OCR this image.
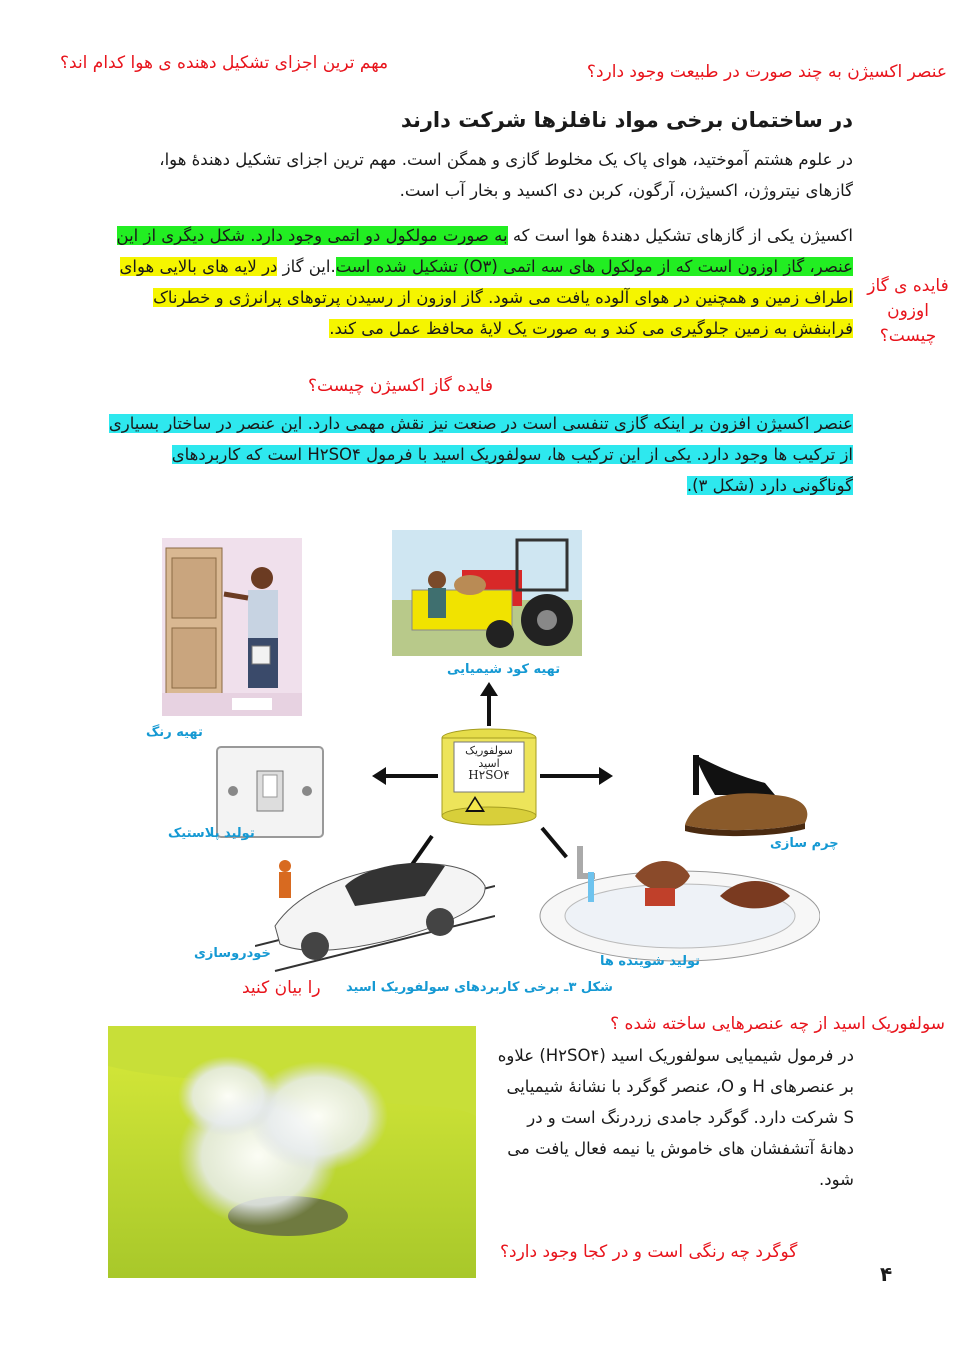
مهم ترین اجزای تشکیل دهنده ی هوا کدام اند؟	عنصر اکسیژن به چند صورت در طبیعت وجود دارد؟
در ساختمان برخی مواد نافلزها شرکت دارند
در علوم هشتم آموختید، هوای پاک یک مخلوط گازی و همگن است. مهم ترین اجزای تشکیل دهندهٔ هوا، گازهای نیتروژن، اکسیژن، آرگون، کربن دی اکسید و بخار آب است.
اکسیژن یکی از گازهای تشکیل دهندهٔ هوا است که به صورت مولکول دو اتمی وجود دارد. شکل دیگری از این عنصر، گاز اوزون است که از مولکول های سه اتمی (O۳) تشکیل شده است.این گاز در لایه های بالایی هوای اطراف زمین و همچنین در هوای آلوده یافت می شود. گاز اوزون از رسیدن پرتوهای پرانرژی و خطرناک فرابنفش به زمین جلوگیری می کند و به صورت یک لایهٔ محافظ عمل می کند.
فایده ی گاز اوزون چیست؟
فایده گاز اکسیژن چیست؟
عنصر اکسیژن افزون بر اینکه گازی تنفسی است در صنعت نیز نقش مهمی دارد. این عنصر در ساختار بسیاری از ترکیب ها وجود دارد. یکی از این ترکیب ها، سولفوریک اسید با فرمول H۲SO۴ است که کاربردهای گوناگونی دارد (شکل ۳).
تهیه رنگ
تهیه کود شیمیایی
تولید پلاستیک
سولفوریک اسید
H۲SO۴
چرم سازی
خودروسازی
تولید شوینده ها
شکل ۳ـ برخی کاربردهای سولفوریک اسید
را بیان کنید
سولفوریک اسید از چه عنصرهایی ساخته شده ؟
در فرمول شیمیایی سولفوریک اسید (H۲SO۴) علاوه بر عنصرهای H و O، عنصر گوگرد با نشانهٔ شیمیایی S شرکت دارد. گوگرد جامدی زردرنگ است و در دهانهٔ آتشفشان های خاموش یا نیمه فعال یافت می شود.
گوگرد چه رنگی است و در کجا وجود دارد؟
۴
